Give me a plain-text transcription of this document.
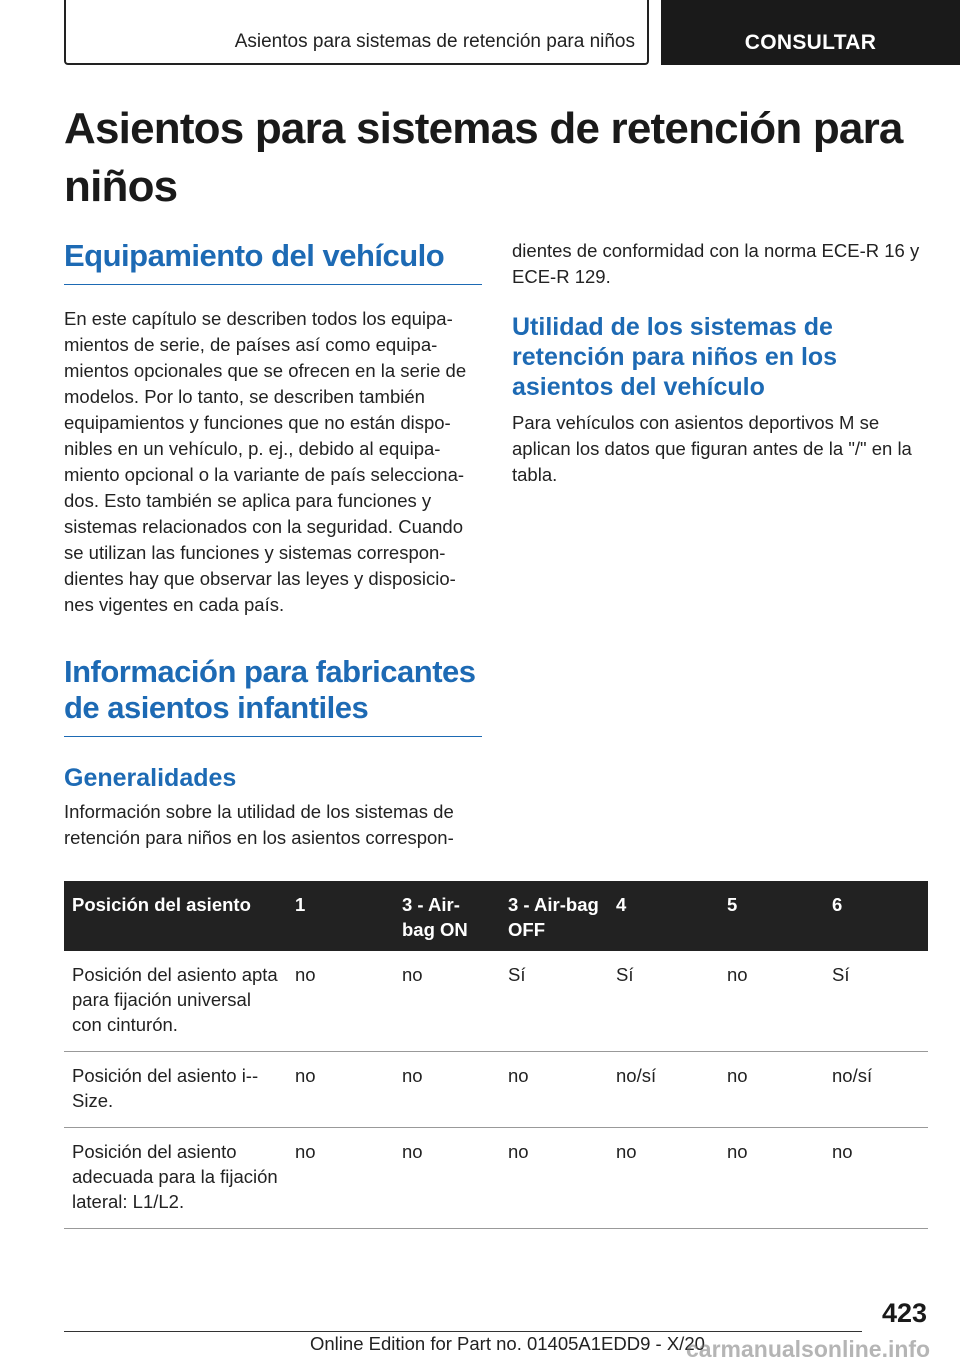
Asientos para sistemas de retención para niños	CONSULTAR
Asientos para sistemas de retención para niños
Equipamiento del vehículo

En este capítulo se describen todos los equipa-mientos de serie, de países así como equipa-mientos opcionales que se ofrecen en la serie de modelos. Por lo tanto, se describen también equipamientos y funciones que no están dispo-nibles en un vehículo, p. ej., debido al equipa-miento opcional o la variante de país selecciona-dos. Esto también se aplica para funciones y sistemas relacionados con la seguridad. Cuando se utilizan las funciones y sistemas correspon-dientes hay que observar las leyes y disposicio-nes vigentes en cada país.

Información para fabricantes de asientos infantiles
Generalidades

Información sobre la utilidad de los sistemas de retención para niños en los asientos correspon-

dientes de conformidad con la norma ECE-R 16 y ECE-R 129.

Utilidad de los sistemas de retención para niños en los asientos del vehículo

Para vehículos con asientos deportivos M se aplican los datos que figuran antes de la "/" en la tabla.

Posición del asiento	1	3 - Air-bag ON	3 - Air-bag OFF	4	5	6
Posición del asiento apta para fijación universal con cinturón.	no	no	Sí	Sí	no	Sí
Posición del asiento i--Size.	no	no	no	no/sí	no	no/sí
Posición del asiento adecuada para la fijación lateral: L1/L2.	no	no	no	no	no	no
423
Online Edition for Part no. 01405A1EDD9 - X/20
carmanualsonline.info
